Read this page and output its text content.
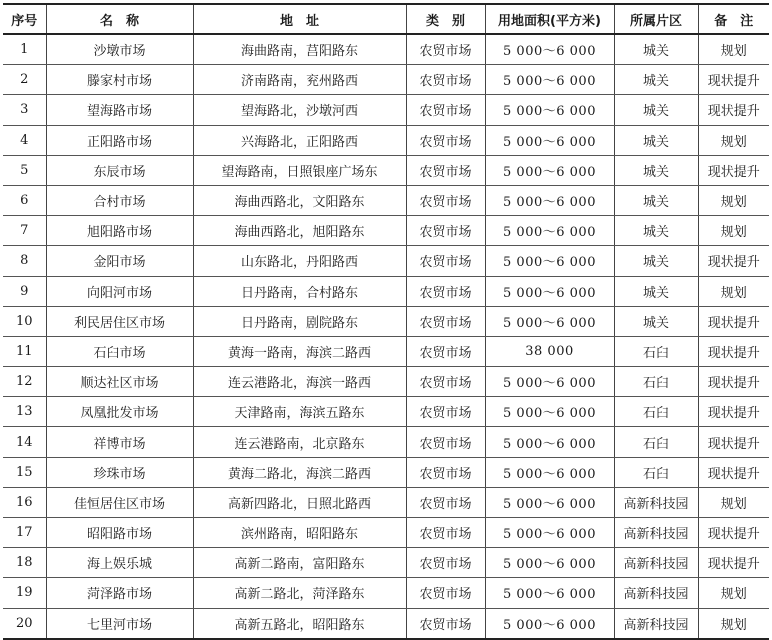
序号	名　称	地　址	类　别	用地面积(平方米)	所属片区	备　注
1	沙墩市场	海曲路南，莒阳路东	农贸市场	5 000～6 000	城关	规划
2	滕家村市场	济南路南，兖州路西	农贸市场	5 000～6 000	城关	现状提升
3	望海路市场	望海路北，沙墩河西	农贸市场	5 000～6 000	城关	现状提升
4	正阳路市场	兴海路北，正阳路西	农贸市场	5 000～6 000	城关	规划
5	东辰市场	望海路南，日照银座广场东	农贸市场	5 000～6 000	城关	现状提升
6	合村市场	海曲西路北，文阳路东	农贸市场	5 000～6 000	城关	规划
7	旭阳路市场	海曲西路北，旭阳路东	农贸市场	5 000～6 000	城关	规划
8	金阳市场	山东路北，丹阳路西	农贸市场	5 000～6 000	城关	现状提升
9	向阳河市场	日丹路南，合村路东	农贸市场	5 000～6 000	城关	规划
10	利民居住区市场	日丹路南，剧院路东	农贸市场	5 000～6 000	城关	现状提升
11	石臼市场	黄海一路南，海滨二路西	农贸市场	38 000	石臼	现状提升
12	顺达社区市场	连云港路北，海滨一路西	农贸市场	5 000～6 000	石臼	现状提升
13	凤凰批发市场	天津路南，海滨五路东	农贸市场	5 000～6 000	石臼	现状提升
14	祥博市场	连云港路南，北京路东	农贸市场	5 000～6 000	石臼	现状提升
15	珍珠市场	黄海二路北，海滨二路西	农贸市场	5 000～6 000	石臼	现状提升
16	佳恒居住区市场	高新四路北，日照北路西	农贸市场	5 000～6 000	高新科技园	规划
17	昭阳路市场	滨州路南，昭阳路东	农贸市场	5 000～6 000	高新科技园	现状提升
18	海上娱乐城	高新二路南，富阳路东	农贸市场	5 000～6 000	高新科技园	现状提升
19	菏泽路市场	高新二路北，菏泽路东	农贸市场	5 000～6 000	高新科技园	规划
20	七里河市场	高新五路北，昭阳路东	农贸市场	5 000～6 000	高新科技园	规划
